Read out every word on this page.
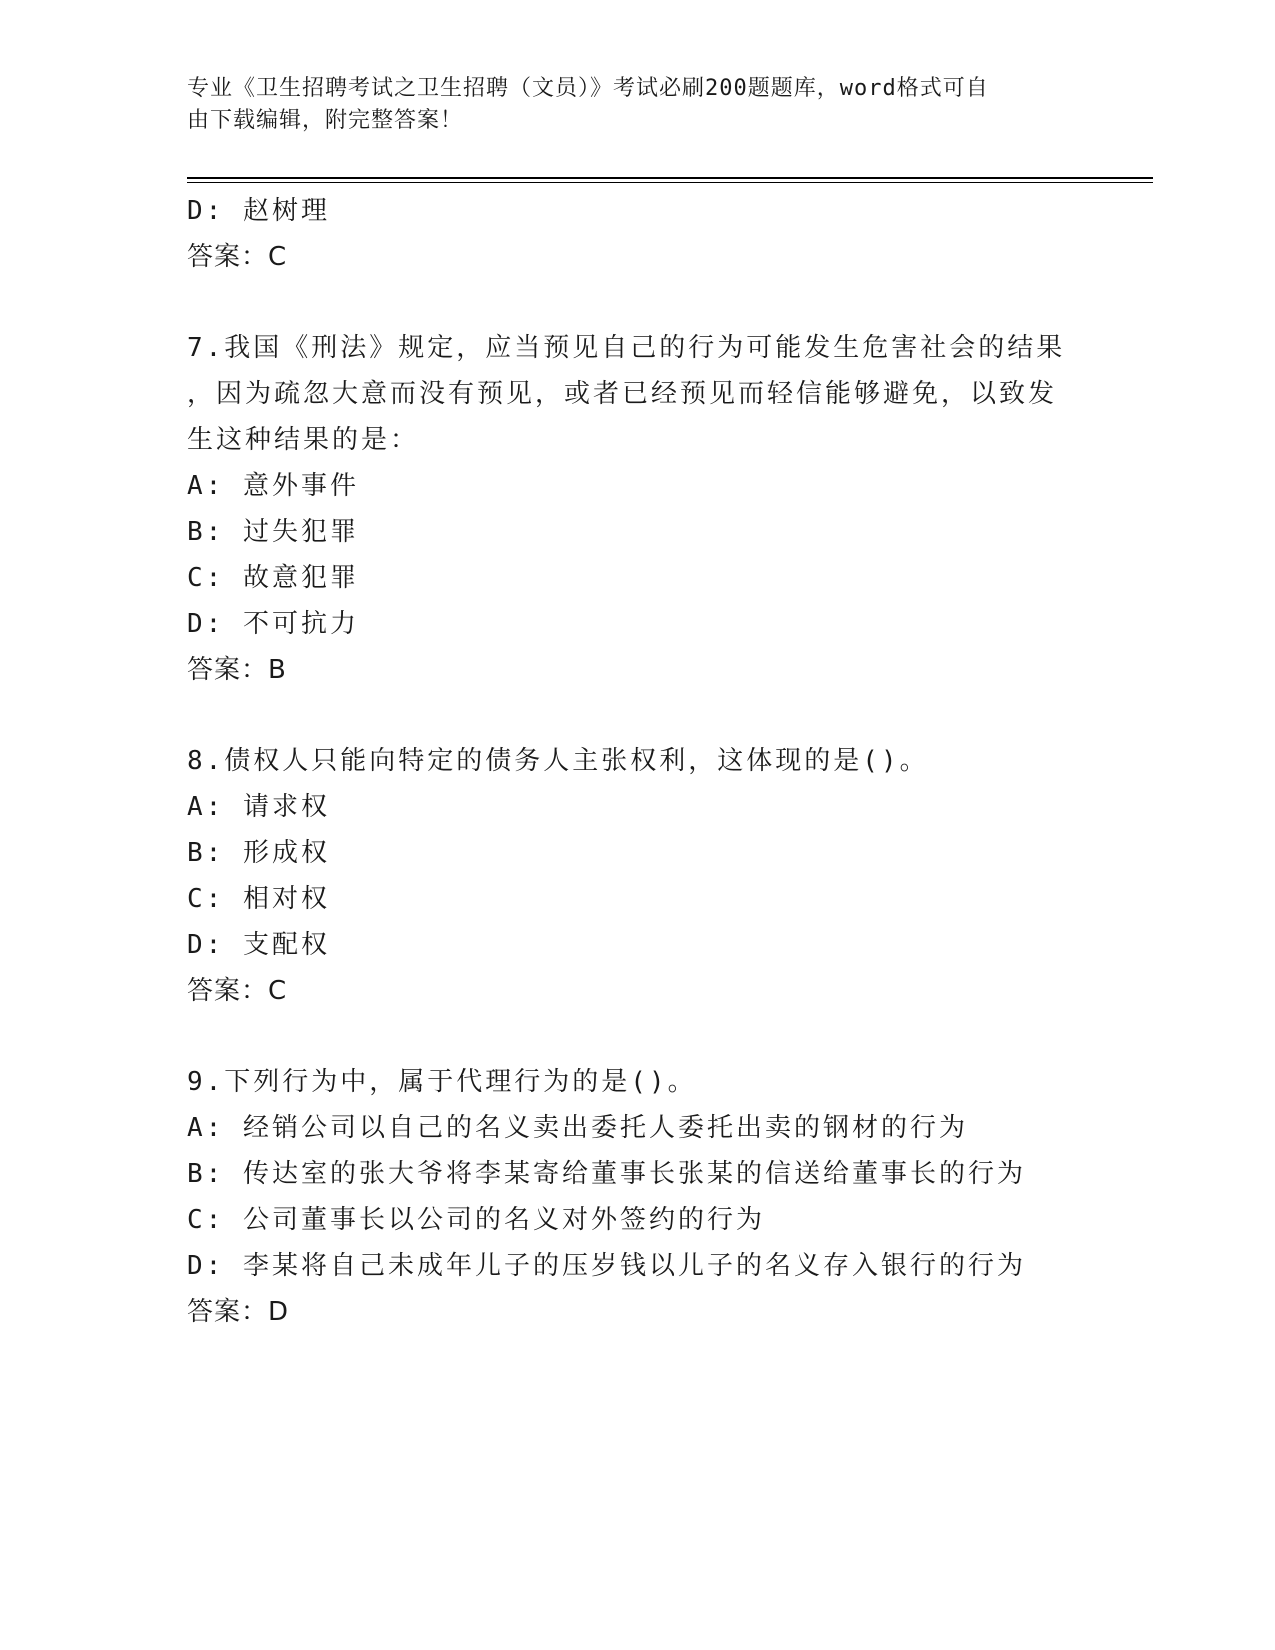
专业《卫生招聘考试之卫生招聘（文员）》考试必刷200题题库，word格式可自
由下载编辑，附完整答案！
D: 赵树理
答案：C
7.我国《刑法》规定，应当预见自己的行为可能发生危害社会的结果
，因为疏忽大意而没有预见，或者已经预见而轻信能够避免，以致发
生这种结果的是：
A: 意外事件
B: 过失犯罪
C: 故意犯罪
D: 不可抗力
答案：B
8.债权人只能向特定的债务人主张权利，这体现的是()。
A: 请求权
B: 形成权
C: 相对权
D: 支配权
答案：C
9.下列行为中，属于代理行为的是()。
A: 经销公司以自己的名义卖出委托人委托出卖的钢材的行为
B: 传达室的张大爷将李某寄给董事长张某的信送给董事长的行为
C: 公司董事长以公司的名义对外签约的行为
D: 李某将自己未成年儿子的压岁钱以儿子的名义存入银行的行为
答案：D
